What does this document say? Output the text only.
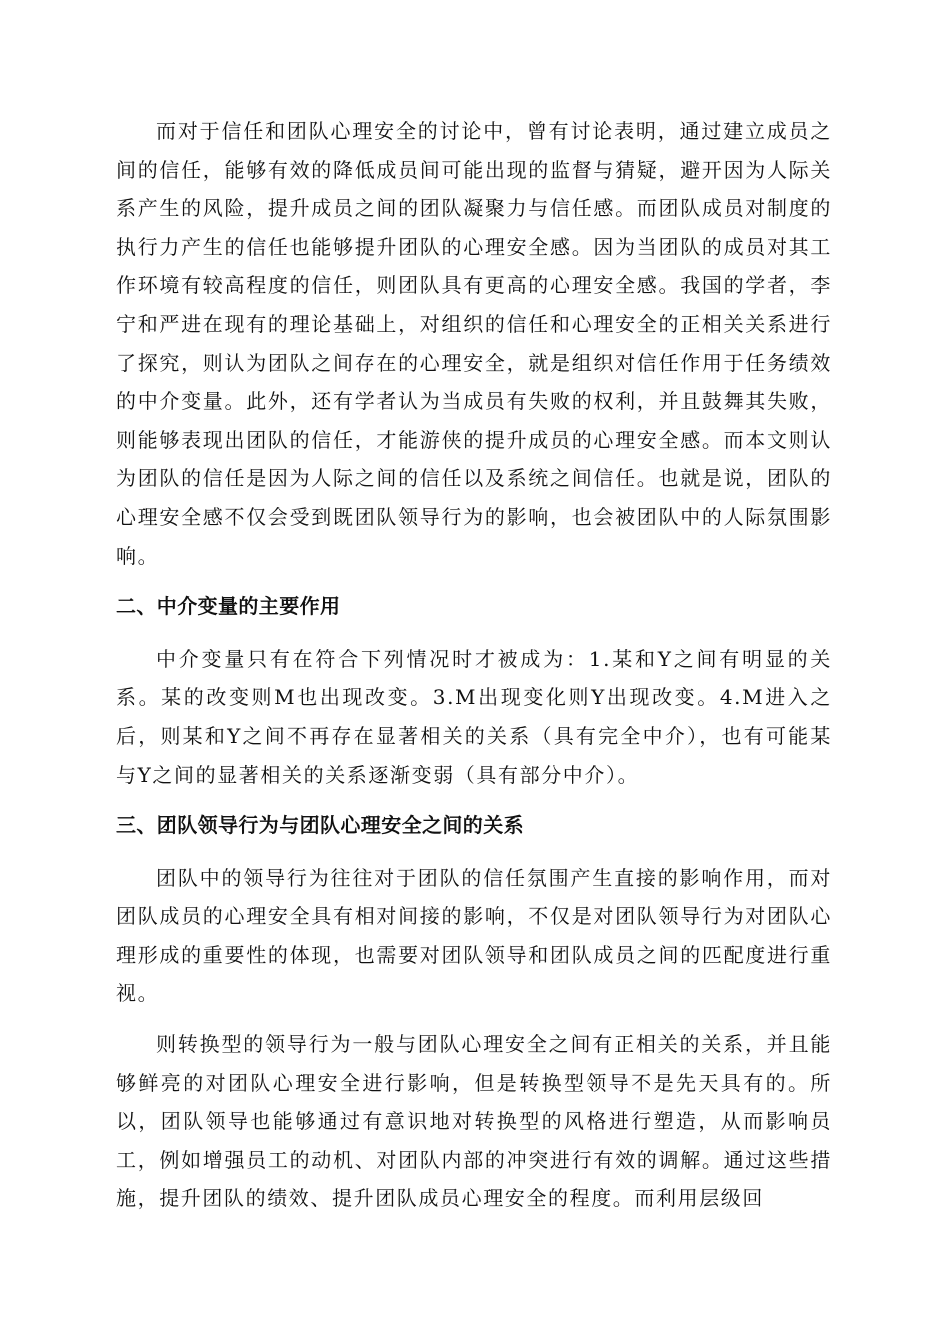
而对于信任和团队心理安全的讨论中，曾有讨论表明，通过建立成员之间的信任，能够有效的降低成员间可能出现的监督与猜疑，避开因为人际关系产生的风险，提升成员之间的团队凝聚力与信任感。而团队成员对制度的执行力产生的信任也能够提升团队的心理安全感。因为当团队的成员对其工作环境有较高程度的信任，则团队具有更高的心理安全感。我国的学者，李宁和严进在现有的理论基础上，对组织的信任和心理安全的正相关关系进行了探究，则认为团队之间存在的心理安全，就是组织对信任作用于任务绩效的中介变量。此外，还有学者认为当成员有失败的权利，并且鼓舞其失败，则能够表现出团队的信任，才能游侠的提升成员的心理安全感。而本文则认为团队的信任是因为人际之间的信任以及系统之间信任。也就是说，团队的心理安全感不仅会受到既团队领导行为的影响，也会被团队中的人际氛围影响。

二、中介变量的主要作用

中介变量只有在符合下列情况时才被成为：1.某和Y之间有明显的关系。某的改变则M也出现改变。3.M出现变化则Y出现改变。4.M进入之后，则某和Y之间不再存在显著相关的关系（具有完全中介），也有可能某与Y之间的显著相关的关系逐渐变弱（具有部分中介）。

三、团队领导行为与团队心理安全之间的关系

团队中的领导行为往往对于团队的信任氛围产生直接的影响作用，而对团队成员的心理安全具有相对间接的影响，不仅是对团队领导行为对团队心理形成的重要性的体现，也需要对团队领导和团队成员之间的匹配度进行重视。

则转换型的领导行为一般与团队心理安全之间有正相关的关系，并且能够鲜亮的对团队心理安全进行影响，但是转换型领导不是先天具有的。所以，团队领导也能够通过有意识地对转换型的风格进行塑造，从而影响员工，例如增强员工的动机、对团队内部的冲突进行有效的调解。通过这些措施，提升团队的绩效、提升团队成员心理安全的程度。而利用层级回
